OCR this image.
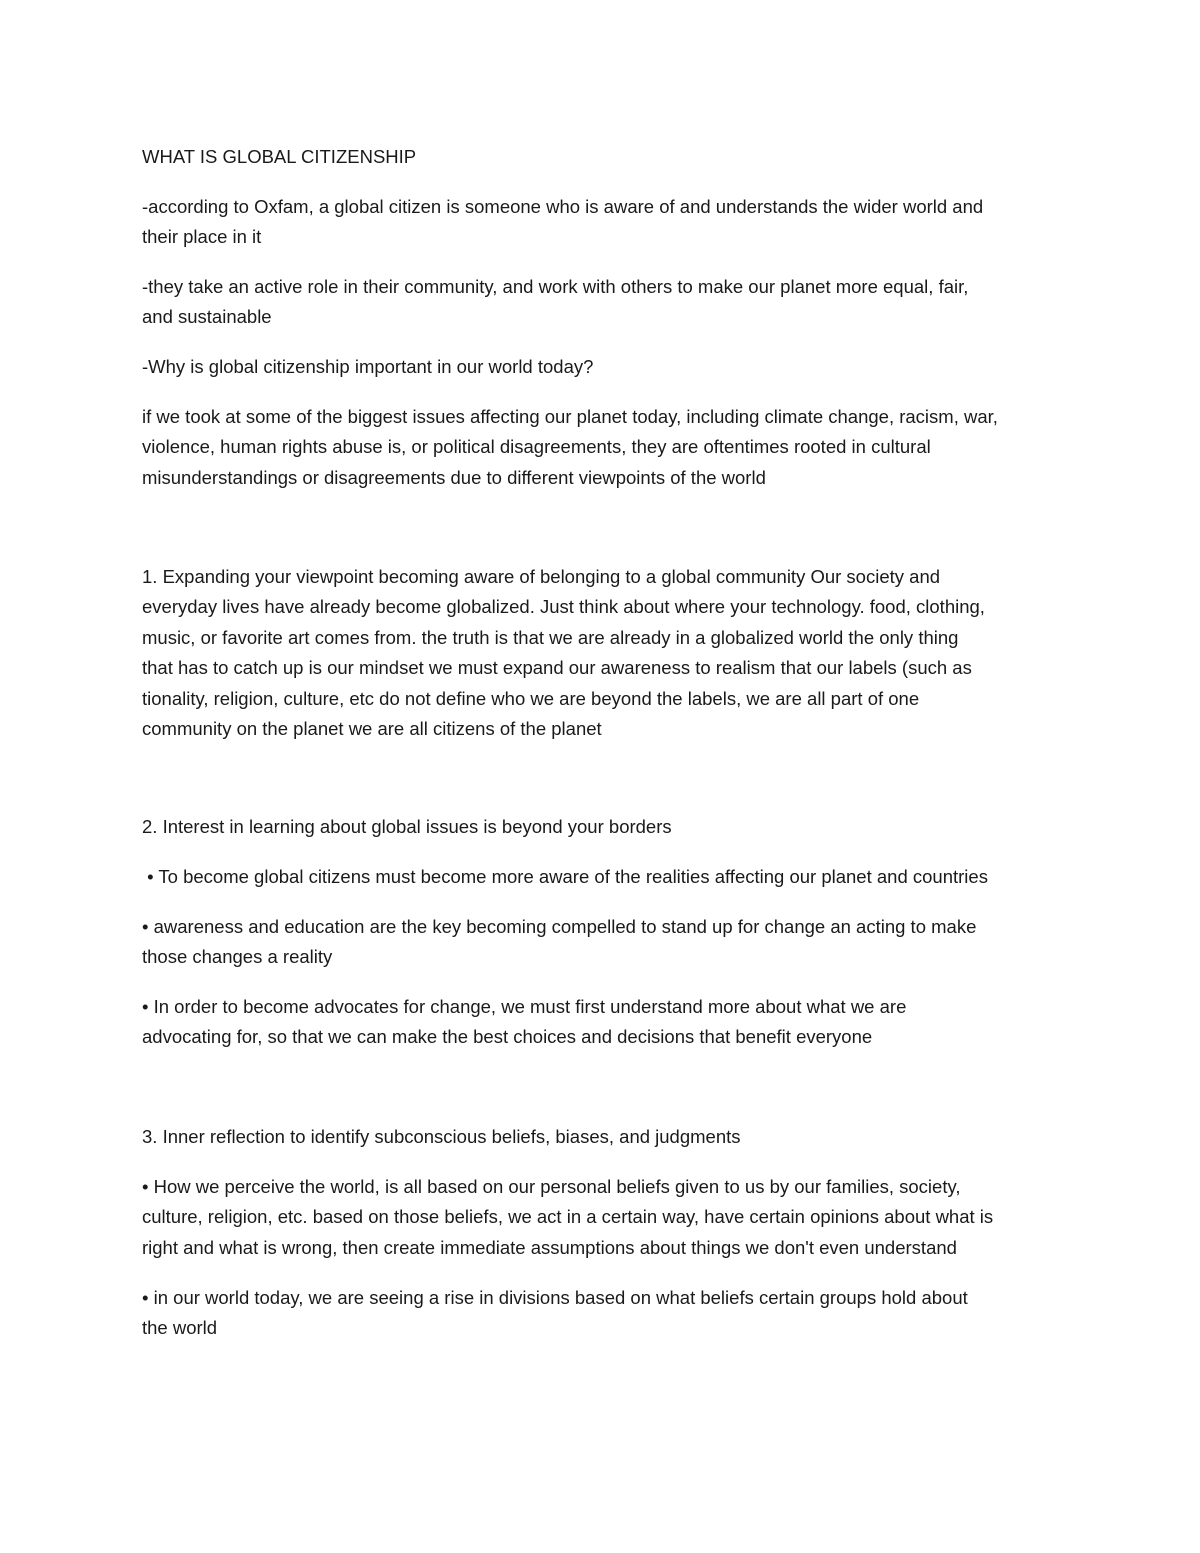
WHAT IS GLOBAL CITIZENSHIP

-according to Oxfam, a global citizen is someone who is aware of and understands the wider world and
their place in it

-they take an active role in their community, and work with others to make our planet more equal, fair,
and sustainable

-Why is global citizenship important in our world today?

if we took at some of the biggest issues affecting our planet today, including climate change, racism, war,
violence, human rights abuse is, or political disagreements, they are oftentimes rooted in cultural
misunderstandings or disagreements due to different viewpoints of the world

1. Expanding your viewpoint becoming aware of belonging to a global community Our society and
everyday lives have already become globalized. Just think about where your technology. food, clothing,
music, or favorite art comes from. the truth is that we are already in a globalized world the only thing
that has to catch up is our mindset we must expand our awareness to realism that our labels (such as
tionality, religion, culture, etc do not define who we are beyond the labels, we are all part of one
community on the planet we are all citizens of the planet

2. Interest in learning about global issues is beyond your borders

• To become global citizens must become more aware of the realities affecting our planet and countries

• awareness and education are the key becoming compelled to stand up for change an acting to make
those changes a reality

• In order to become advocates for change, we must first understand more about what we are
advocating for, so that we can make the best choices and decisions that benefit everyone

3. Inner reflection to identify subconscious beliefs, biases, and judgments

• How we perceive the world, is all based on our personal beliefs given to us by our families, society,
culture, religion, etc. based on those beliefs, we act in a certain way, have certain opinions about what is
right and what is wrong, then create immediate assumptions about things we don't even understand

• in our world today, we are seeing a rise in divisions based on what beliefs certain groups hold about
the world
